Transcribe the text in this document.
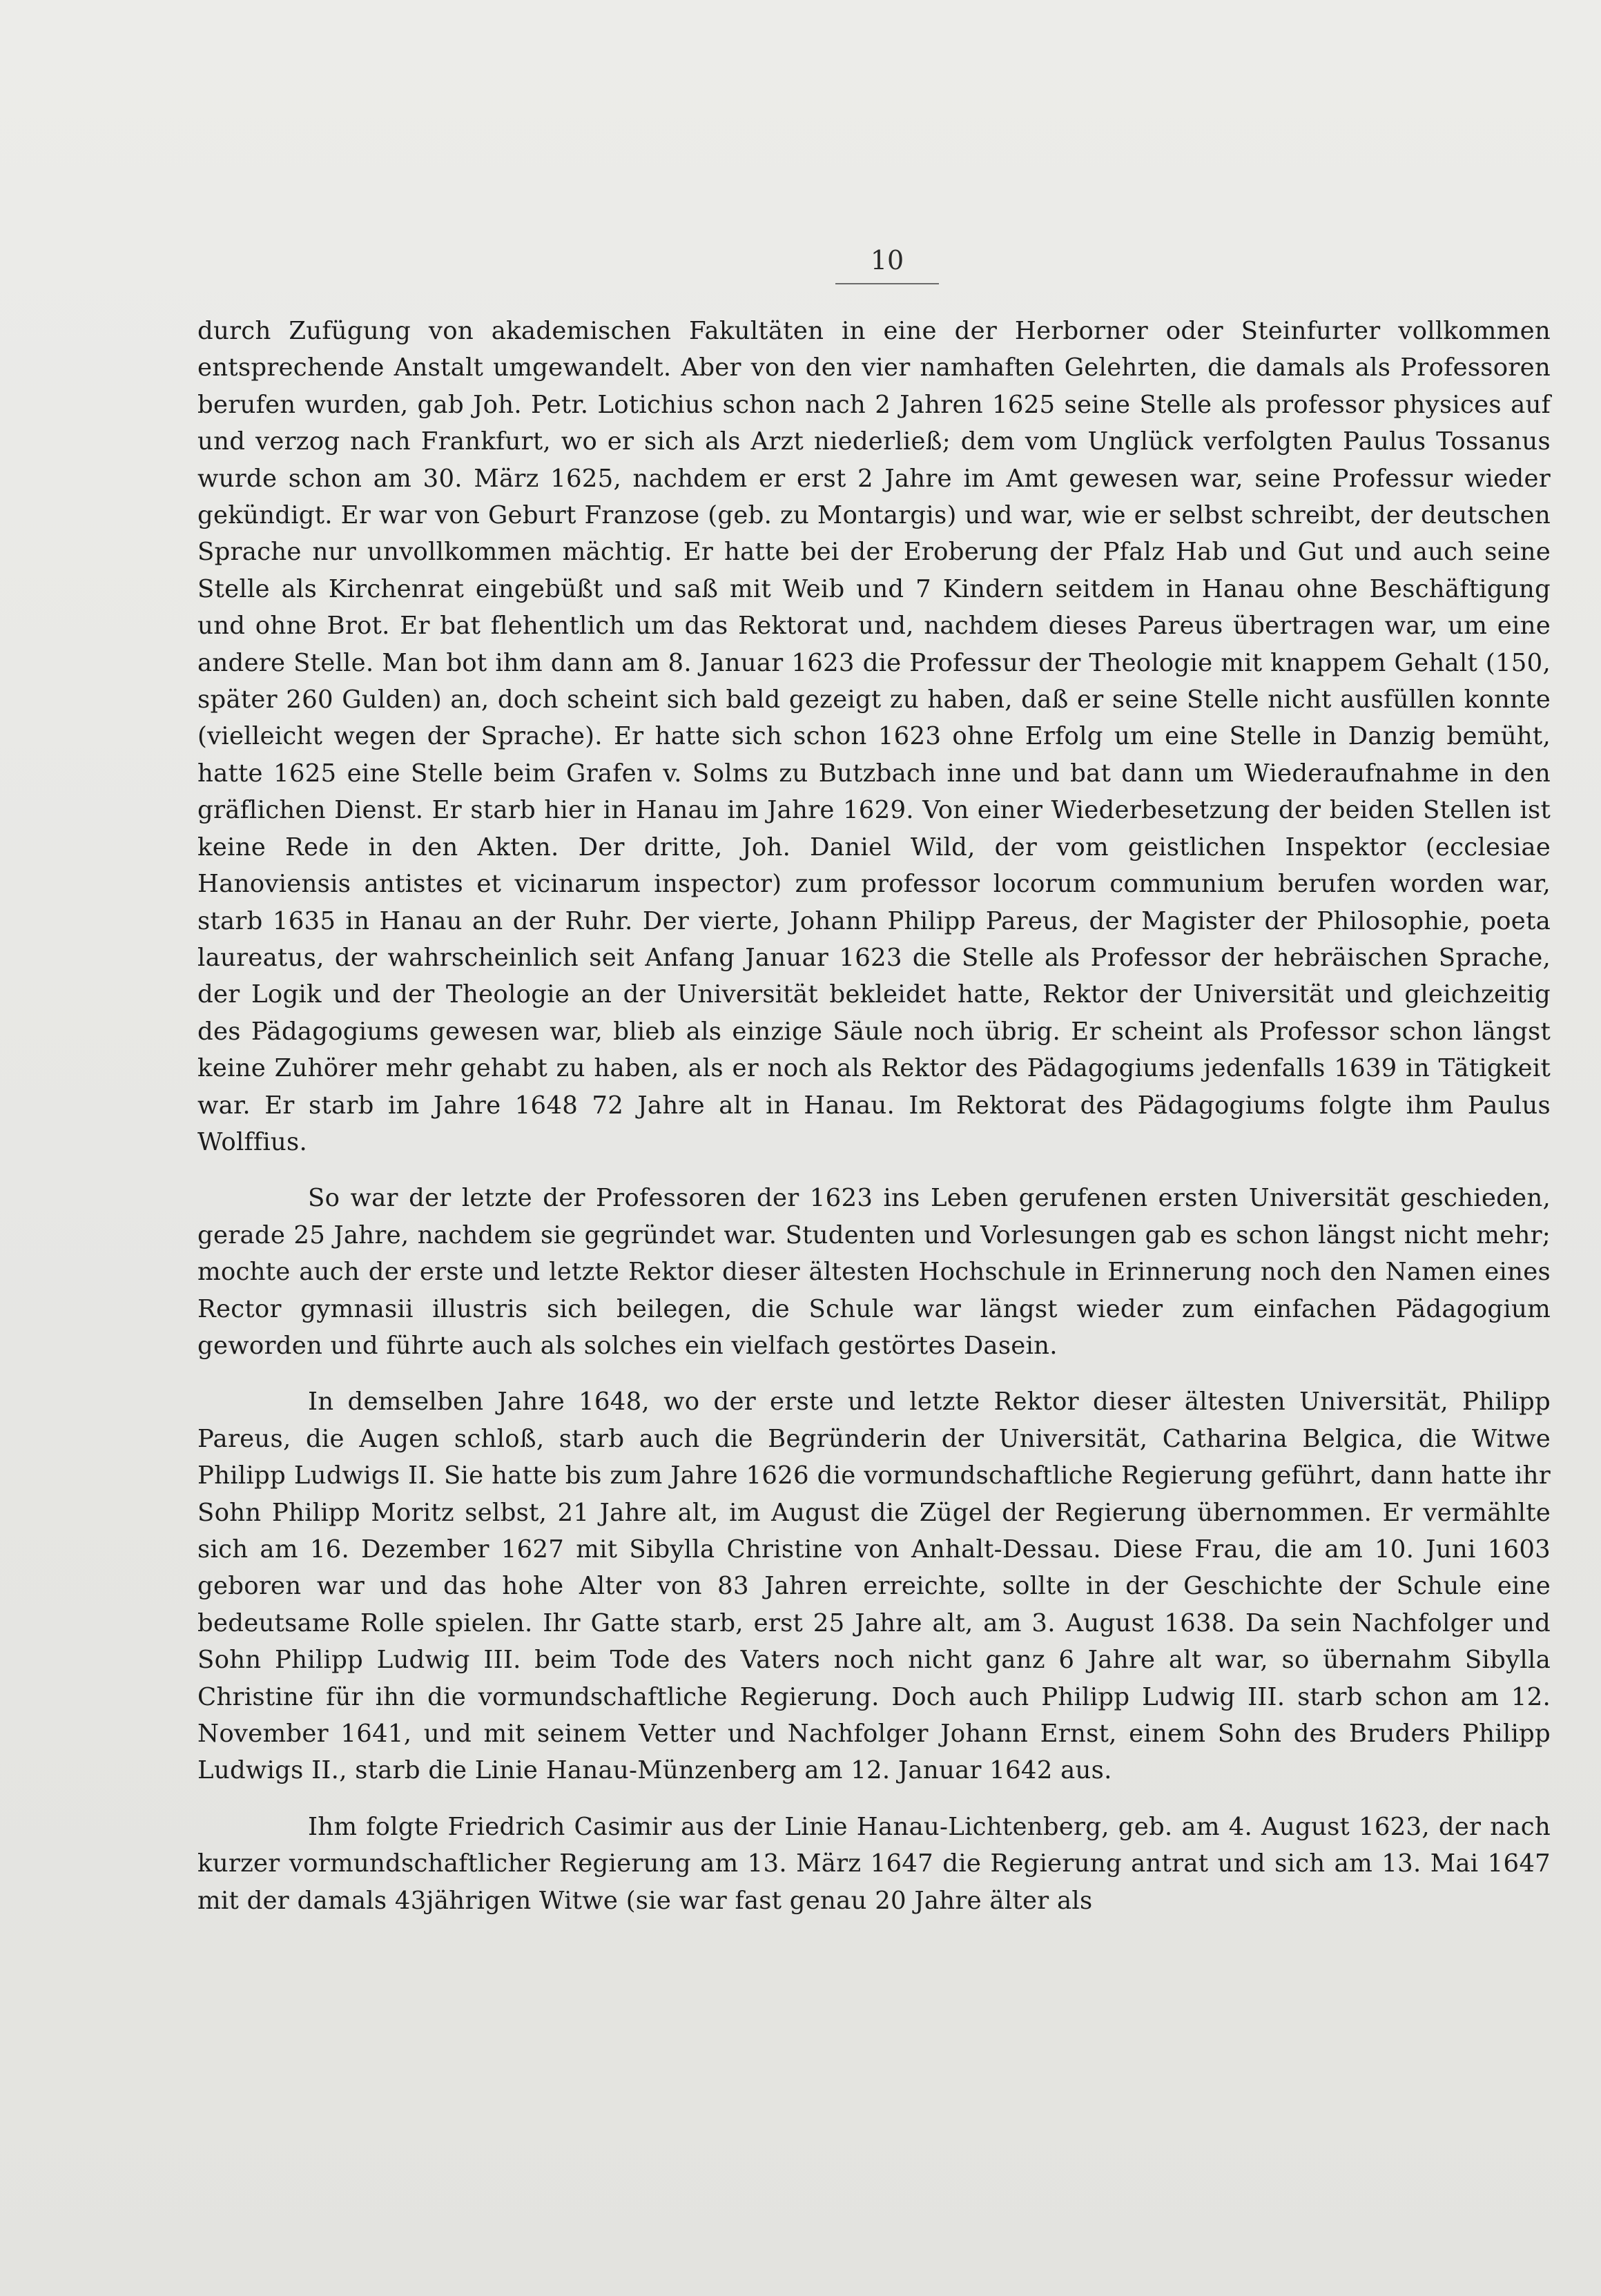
10

durch Zufügung von akademischen Fakultäten in eine der Herborner oder Steinfurter vollkommen entsprechende Anstalt umgewandelt. Aber von den vier namhaften Gelehrten, die damals als Professoren berufen wurden, gab Joh. Petr. Lotichius schon nach 2 Jahren 1625 seine Stelle als professor physices auf und verzog nach Frankfurt, wo er sich als Arzt niederließ; dem vom Unglück verfolgten Paulus Tossanus wurde schon am 30. März 1625, nachdem er erst 2 Jahre im Amt gewesen war, seine Professur wieder gekündigt. Er war von Geburt Franzose (geb. zu Montargis) und war, wie er selbst schreibt, der deutschen Sprache nur unvollkommen mächtig. Er hatte bei der Eroberung der Pfalz Hab und Gut und auch seine Stelle als Kirchenrat eingebüßt und saß mit Weib und 7 Kindern seitdem in Hanau ohne Beschäftigung und ohne Brot. Er bat flehentlich um das Rektorat und, nachdem dieses Pareus übertragen war, um eine andere Stelle. Man bot ihm dann am 8. Januar 1623 die Professur der Theologie mit knappem Gehalt (150, später 260 Gulden) an, doch scheint sich bald gezeigt zu haben, daß er seine Stelle nicht ausfüllen konnte (vielleicht wegen der Sprache). Er hatte sich schon 1623 ohne Erfolg um eine Stelle in Danzig bemüht, hatte 1625 eine Stelle beim Grafen v. Solms zu Butzbach inne und bat dann um Wiederaufnahme in den gräflichen Dienst. Er starb hier in Hanau im Jahre 1629. Von einer Wiederbesetzung der beiden Stellen ist keine Rede in den Akten. Der dritte, Joh. Daniel Wild, der vom geistlichen Inspektor (ecclesiae Hanoviensis antistes et vicinarum inspector) zum professor locorum communium berufen worden war, starb 1635 in Hanau an der Ruhr. Der vierte, Johann Philipp Pareus, der Magister der Philosophie, poeta laureatus, der wahrscheinlich seit Anfang Januar 1623 die Stelle als Professor der hebräischen Sprache, der Logik und der Theologie an der Universität bekleidet hatte, Rektor der Universität und gleichzeitig des Pädagogiums gewesen war, blieb als einzige Säule noch übrig. Er scheint als Professor schon längst keine Zuhörer mehr gehabt zu haben, als er noch als Rektor des Pädagogiums jedenfalls 1639 in Tätigkeit war. Er starb im Jahre 1648 72 Jahre alt in Hanau. Im Rektorat des Pädagogiums folgte ihm Paulus Wolffius.

So war der letzte der Professoren der 1623 ins Leben gerufenen ersten Universität geschieden, gerade 25 Jahre, nachdem sie gegründet war. Studenten und Vorlesungen gab es schon längst nicht mehr; mochte auch der erste und letzte Rektor dieser ältesten Hochschule in Erinnerung noch den Namen eines Rector gymnasii illustris sich beilegen, die Schule war längst wieder zum einfachen Pädagogium geworden und führte auch als solches ein vielfach gestörtes Dasein.

In demselben Jahre 1648, wo der erste und letzte Rektor dieser ältesten Universität, Philipp Pareus, die Augen schloß, starb auch die Begründerin der Universität, Catharina Belgica, die Witwe Philipp Ludwigs II. Sie hatte bis zum Jahre 1626 die vormundschaftliche Regierung geführt, dann hatte ihr Sohn Philipp Moritz selbst, 21 Jahre alt, im August die Zügel der Regierung übernommen. Er vermählte sich am 16. Dezember 1627 mit Sibylla Christine von Anhalt-Dessau. Diese Frau, die am 10. Juni 1603 geboren war und das hohe Alter von 83 Jahren erreichte, sollte in der Geschichte der Schule eine bedeutsame Rolle spielen. Ihr Gatte starb, erst 25 Jahre alt, am 3. August 1638. Da sein Nachfolger und Sohn Philipp Ludwig III. beim Tode des Vaters noch nicht ganz 6 Jahre alt war, so übernahm Sibylla Christine für ihn die vormundschaftliche Regierung. Doch auch Philipp Ludwig III. starb schon am 12. November 1641, und mit seinem Vetter und Nachfolger Johann Ernst, einem Sohn des Bruders Philipp Ludwigs II., starb die Linie Hanau-Münzenberg am 12. Januar 1642 aus.

Ihm folgte Friedrich Casimir aus der Linie Hanau-Lichtenberg, geb. am 4. August 1623, der nach kurzer vormundschaftlicher Regierung am 13. März 1647 die Regierung antrat und sich am 13. Mai 1647 mit der damals 43jährigen Witwe (sie war fast genau 20 Jahre älter als
